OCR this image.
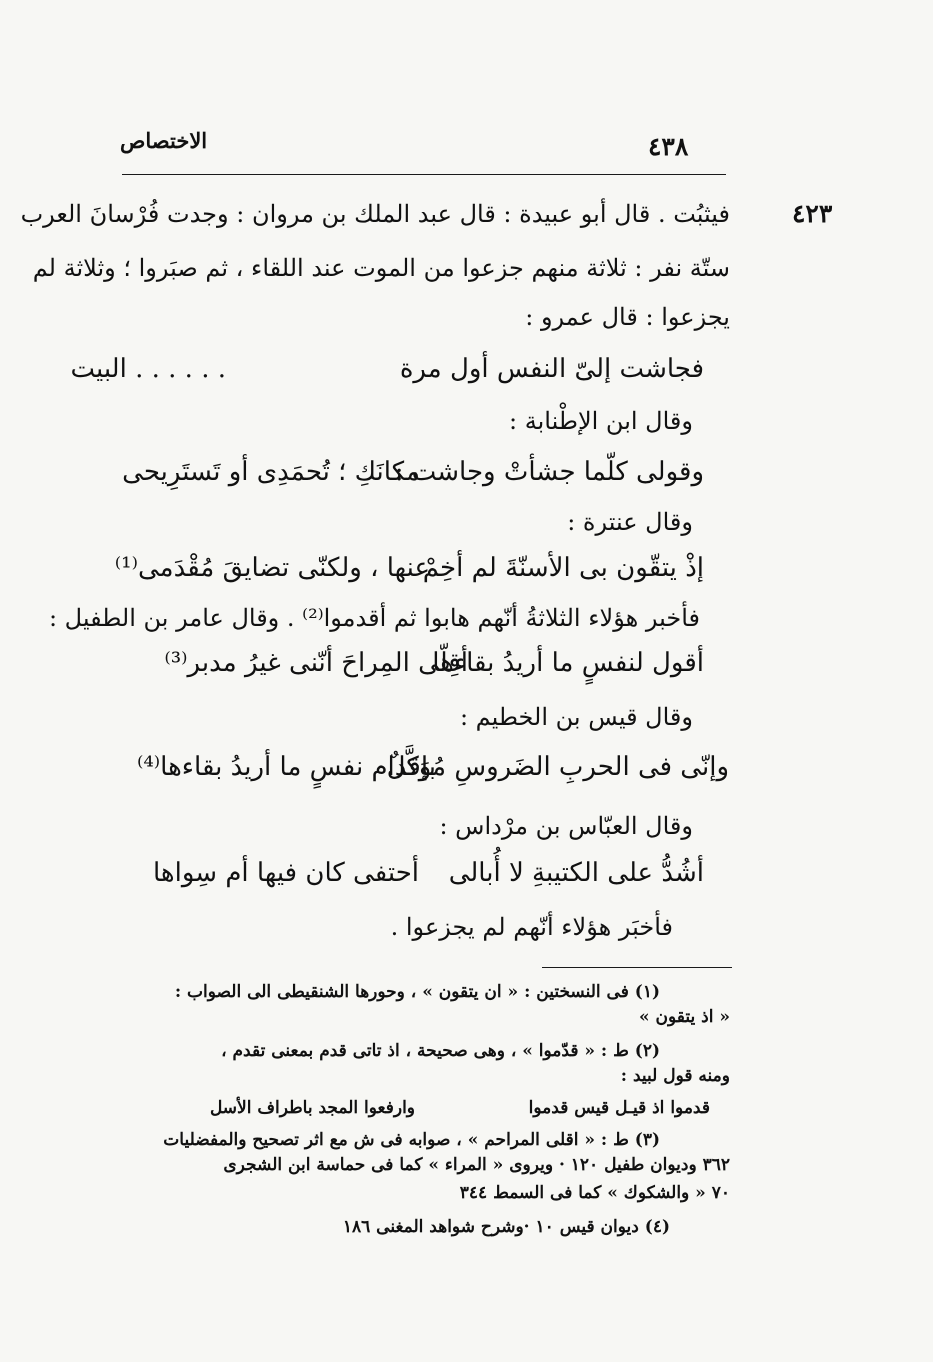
الاختصاص	٤٣٨
٤٢٣
فيثبُت . قال أبو عبيدة : قال عبد الملك بن مروان : وجدت فُرْسانَ العرب
ستّة نفر : ثلاثة منهم جزعوا من الموت عند اللقاء ، ثم صبَروا ؛ وثلاثة لم
يجزعوا : قال عمرو :
فجاشت إلىّ النفس أول مرة
. . . . . . البيت
وقال ابن الإطْنابة :
وقولى كلّما جشأتْ وجاشت :
مكانَكِ ؛ تُحمَدِى أو تَستَرِيحى
وقال عنترة :
إذْ يتقّون بى الأسنّةَ لم أخِمْ
عنها ، ولكنّى تضايقَ مُقْدَمى⁽¹⁾
فأخبر هؤلاء الثلاثةُ أنّهم هابوا ثم أقدموا⁽²⁾ . وقال عامر بن الطفيل :
أقول لنفسٍ ما أريدُ بقاءها
أقِلّى المِراحَ أنّنى غيرُ مدبر⁽³⁾
وقال قيس بن الخطيم :
وإنّى فى الحربِ الضَروسِ مُوَكَّلٌ
بإقدام نفسٍ ما أريدُ بقاءها⁽⁴⁾
وقال العبّاس بن مرْداس :
أشُدُّ على الكتيبةِ لا أُبالى
أحتفى كان فيها أم سِواها
فأخبَر هؤلاء أنّهم لم يجزعوا .
(١) فى النسختين : « ان يتقون » ، وحورها الشنقيطى الى الصواب :
« اذ يتقون »
(٢) ط : « قدّموا » ، وهى صحيحة ، اذ تاتى قدم بمعنى تقدم ،
ومنه قول لبيد :
قدموا اذ قيـل قيس قدموا
وارفعوا المجد باطراف الأسل
(٣) ط : « اقلى المراحم » ، صوابه فى ش مع اثر تصحيح والمفضليات
٣٦٢ وديوان طفيل ١٢٠ · ويروى « المراء » كما فى حماسة ابن الشجرى
٧٠ « والشكوك » كما فى السمط ٣٤٤
(٤) ديوان قيس ١٠ ·وشرح شواهد المغنى ١٨٦
